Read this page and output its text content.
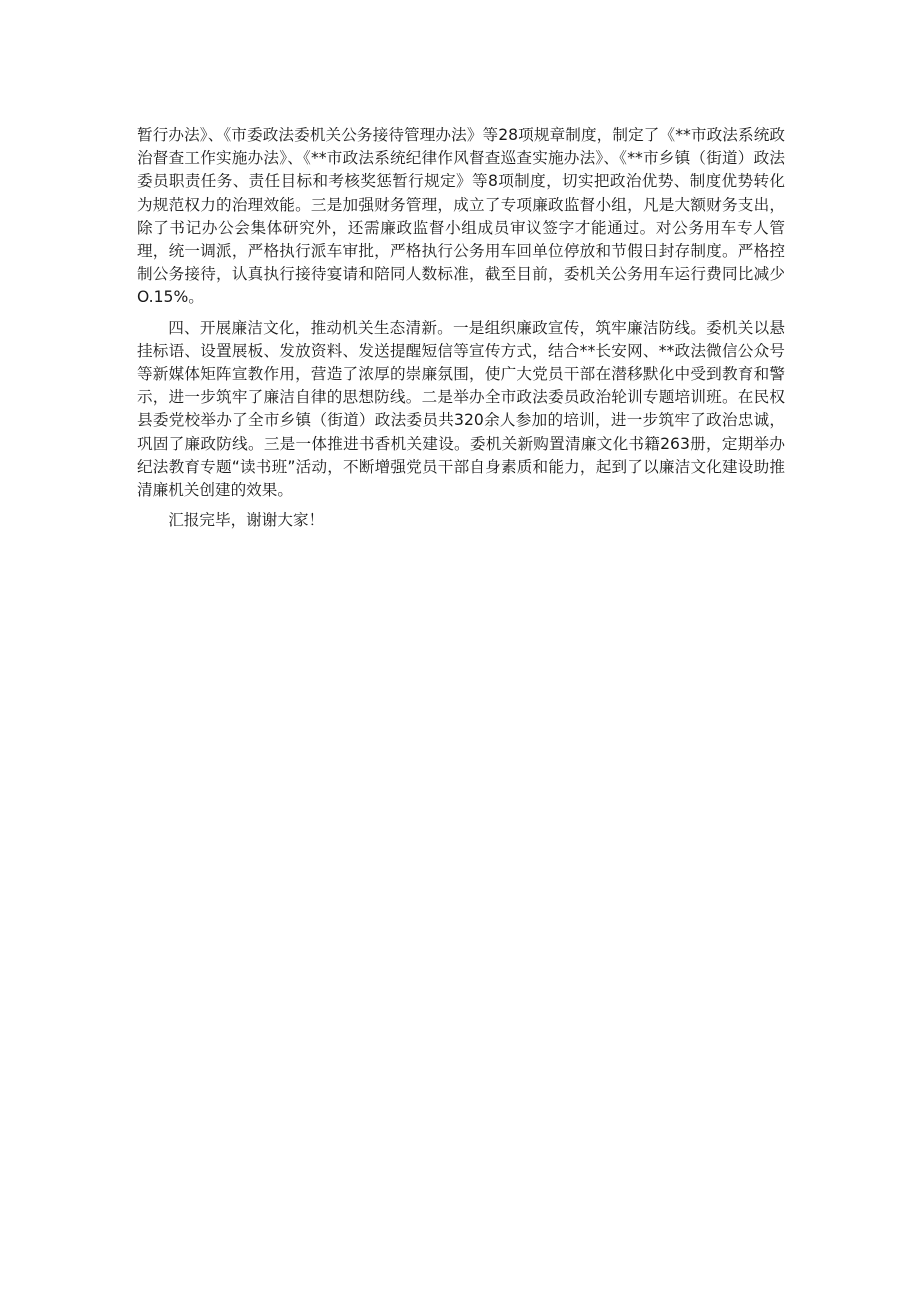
暂行办法》、《市委政法委机关公务接待管理办法》等28项规章制度，制定了《**市政法系统政治督查工作实施办法》、《**市政法系统纪律作风督查巡查实施办法》、《**市乡镇（街道）政法委员职责任务、责任目标和考核奖惩暂行规定》等8项制度，切实把政治优势、制度优势转化为规范权力的治理效能。三是加强财务管理，成立了专项廉政监督小组，凡是大额财务支出，除了书记办公会集体研究外，还需廉政监督小组成员审议签字才能通过。对公务用车专人管理，统一调派，严格执行派车审批，严格执行公务用车回单位停放和节假日封存制度。严格控制公务接待，认真执行接待宴请和陪同人数标准，截至目前，委机关公务用车运行费同比减少O.15%。

四、开展廉洁文化，推动机关生态清新。一是组织廉政宣传，筑牢廉洁防线。委机关以悬挂标语、设置展板、发放资料、发送提醒短信等宣传方式，结合**长安网、**政法微信公众号等新媒体矩阵宣教作用，营造了浓厚的崇廉氛围，使广大党员干部在潜移默化中受到教育和警示，进一步筑牢了廉洁自律的思想防线。二是举办全市政法委员政治轮训专题培训班。在民权县委党校举办了全市乡镇（街道）政法委员共320余人参加的培训，进一步筑牢了政治忠诚，巩固了廉政防线。三是一体推进书香机关建设。委机关新购置清廉文化书籍263册，定期举办纪法教育专题“读书班”活动，不断增强党员干部自身素质和能力，起到了以廉洁文化建设助推清廉机关创建的效果。

汇报完毕，谢谢大家！
